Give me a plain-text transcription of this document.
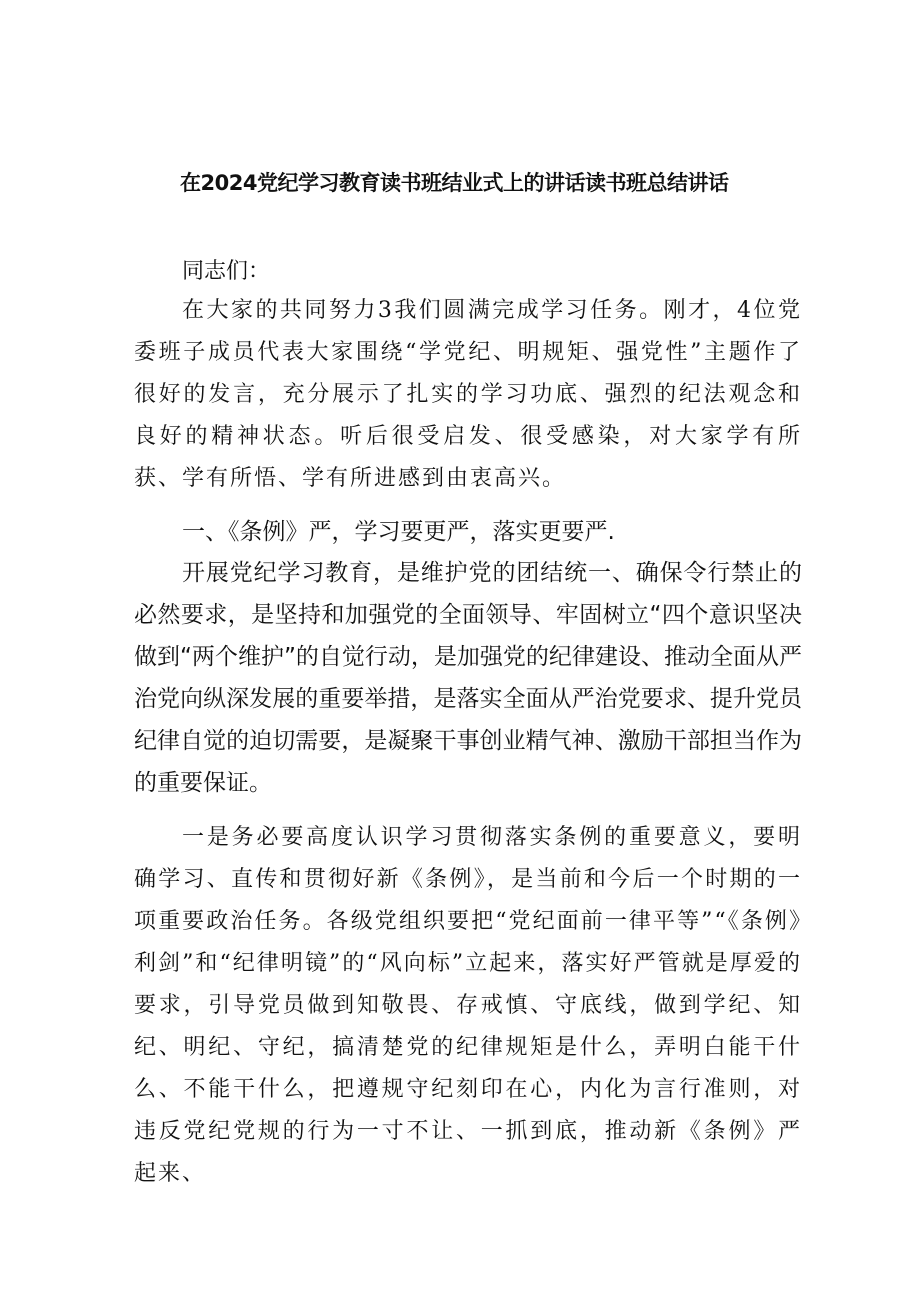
在2024党纪学习教育读书班结业式上的讲话读书班总结讲话
同志们：
在大家的共同努力3我们圆满完成学习任务。刚才，4位党委班子成员代表大家围绕“学党纪、明规矩、强党性”主题作了很好的发言，充分展示了扎实的学习功底、强烈的纪法观念和良好的精神状态。听后很受启发、很受感染，对大家学有所获、学有所悟、学有所进感到由衷高兴。
一、《条例》严，学习要更严，落实更要严.
开展党纪学习教育，是维护党的团结统一、确保令行禁止的必然要求，是坚持和加强党的全面领导、牢固树立“四个意识坚决做到“两个维护”的自觉行动，是加强党的纪律建设、推动全面从严治党向纵深发展的重要举措，是落实全面从严治党要求、提升党员纪律自觉的迫切需要，是凝聚干事创业精气神、激励干部担当作为的重要保证。
一是务必要高度认识学习贯彻落实条例的重要意义，要明确学习、直传和贯彻好新《条例》，是当前和今后一个时期的一项重要政治任务。各级党组织要把“党纪面前一律平等”“《条例》利剑”和“纪律明镜”的“风向标”立起来，落实好严管就是厚爱的要求，引导党员做到知敬畏、存戒慎、守底线，做到学纪、知纪、明纪、守纪，搞清楚党的纪律规矩是什么，弄明白能干什么、不能干什么，把遵规守纪刻印在心，内化为言行准则，对违反党纪党规的行为一寸不让、一抓到底，推动新《条例》严起来、
